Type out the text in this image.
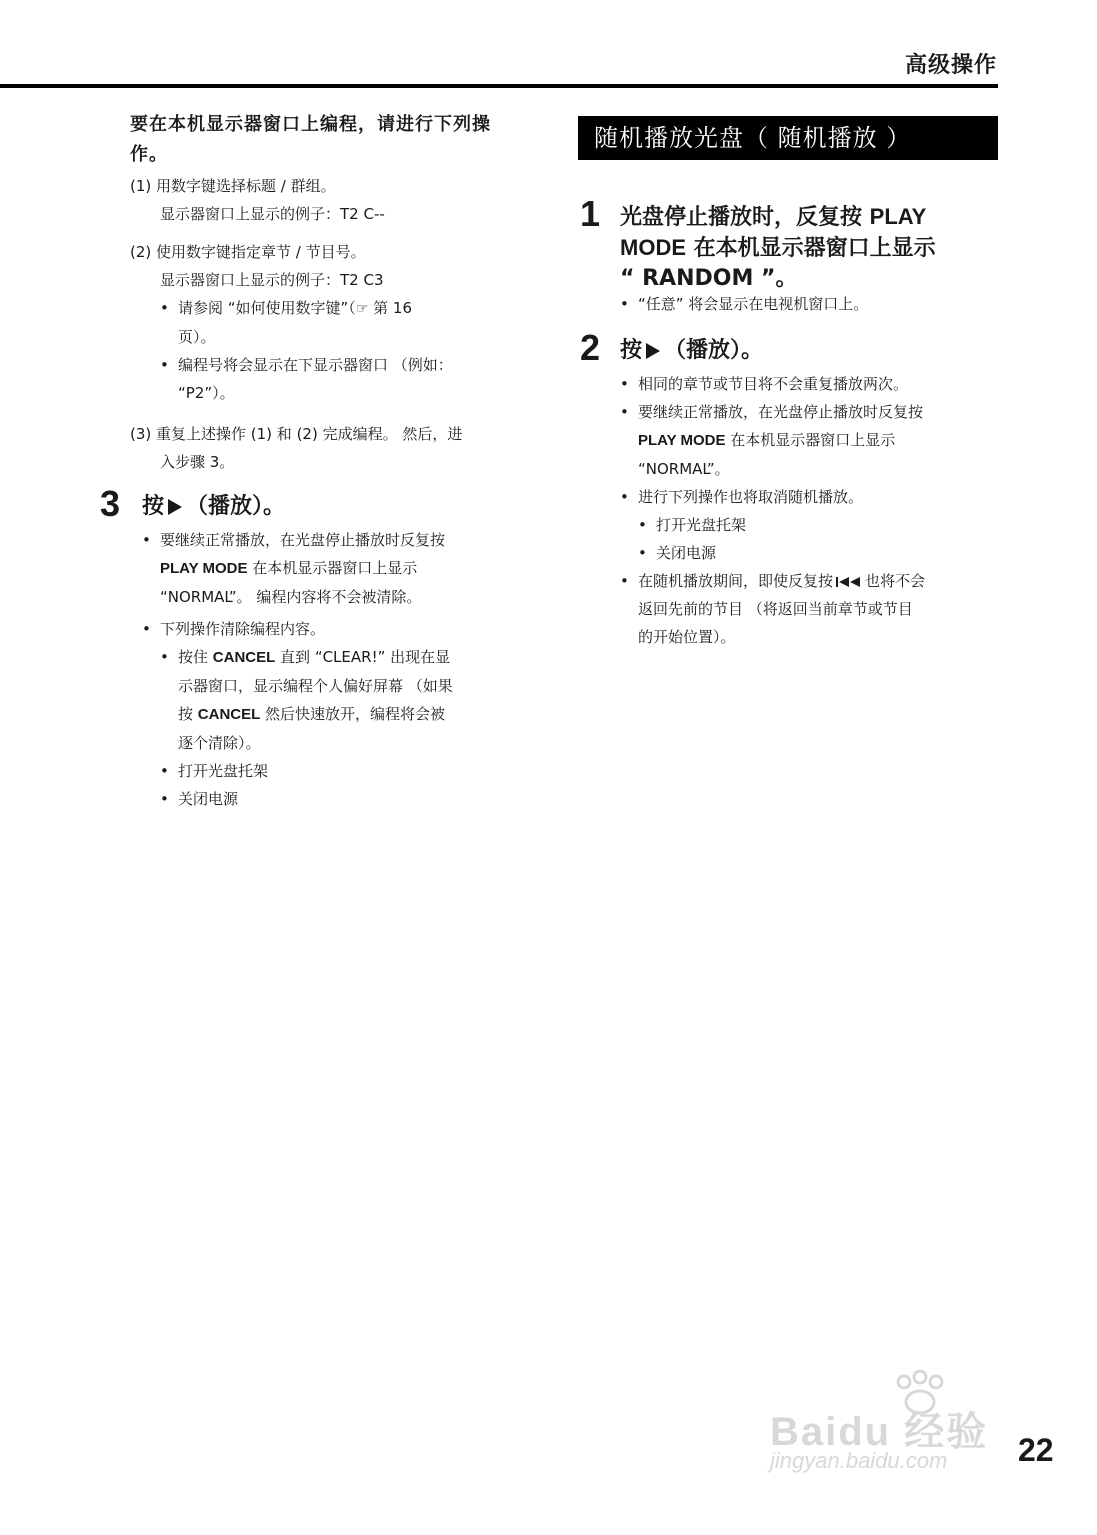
高级操作
要在本机显示器窗口上编程，请进行下列操作。
(1) 用数字键选择标题 / 群组。
显示器窗口上显示的例子：T2 C--
(2) 使用数字键指定章节 / 节目号。
显示器窗口上显示的例子：T2 C3
• 请参阅 “如何使用数字键”（☞ 第 16
页）。
• 编程号将会显示在下显示器窗口 （例如：
“P2”）。
(3) 重复上述操作 (1) 和 (2) 完成编程。 然后，进
入步骤 3。
3 按 （播放）。
• 要继续正常播放，在光盘停止播放时反复按
PLAY MODE 在本机显示器窗口上显示
“NORMAL”。 编程内容将不会被清除。
• 下列操作清除编程内容。
• 按住 CANCEL 直到 “CLEAR!” 出现在显
示器窗口，显示编程个人偏好屏幕 （如果
按 CANCEL 然后快速放开，编程将会被
逐个清除）。
• 打开光盘托架
• 关闭电源
随机播放光盘（ 随机播放 ）
1 光盘停止播放时，反复按 PLAY
MODE 在本机显示器窗口上显示
“ RANDOM ”。
• “任意” 将会显示在电视机窗口上。
2 按 （播放）。
• 相同的章节或节目将不会重复播放两次。
• 要继续正常播放，在光盘停止播放时反复按
PLAY MODE 在本机显示器窗口上显示
“NORMAL”。
• 进行下列操作也将取消随机播放。
• 打开光盘托架
• 关闭电源
• 在随机播放期间，即使反复按 也将不会
返回先前的节目 （将返回当前章节或节目
的开始位置）。
Baidu 经验
jingyan.baidu.com 22
